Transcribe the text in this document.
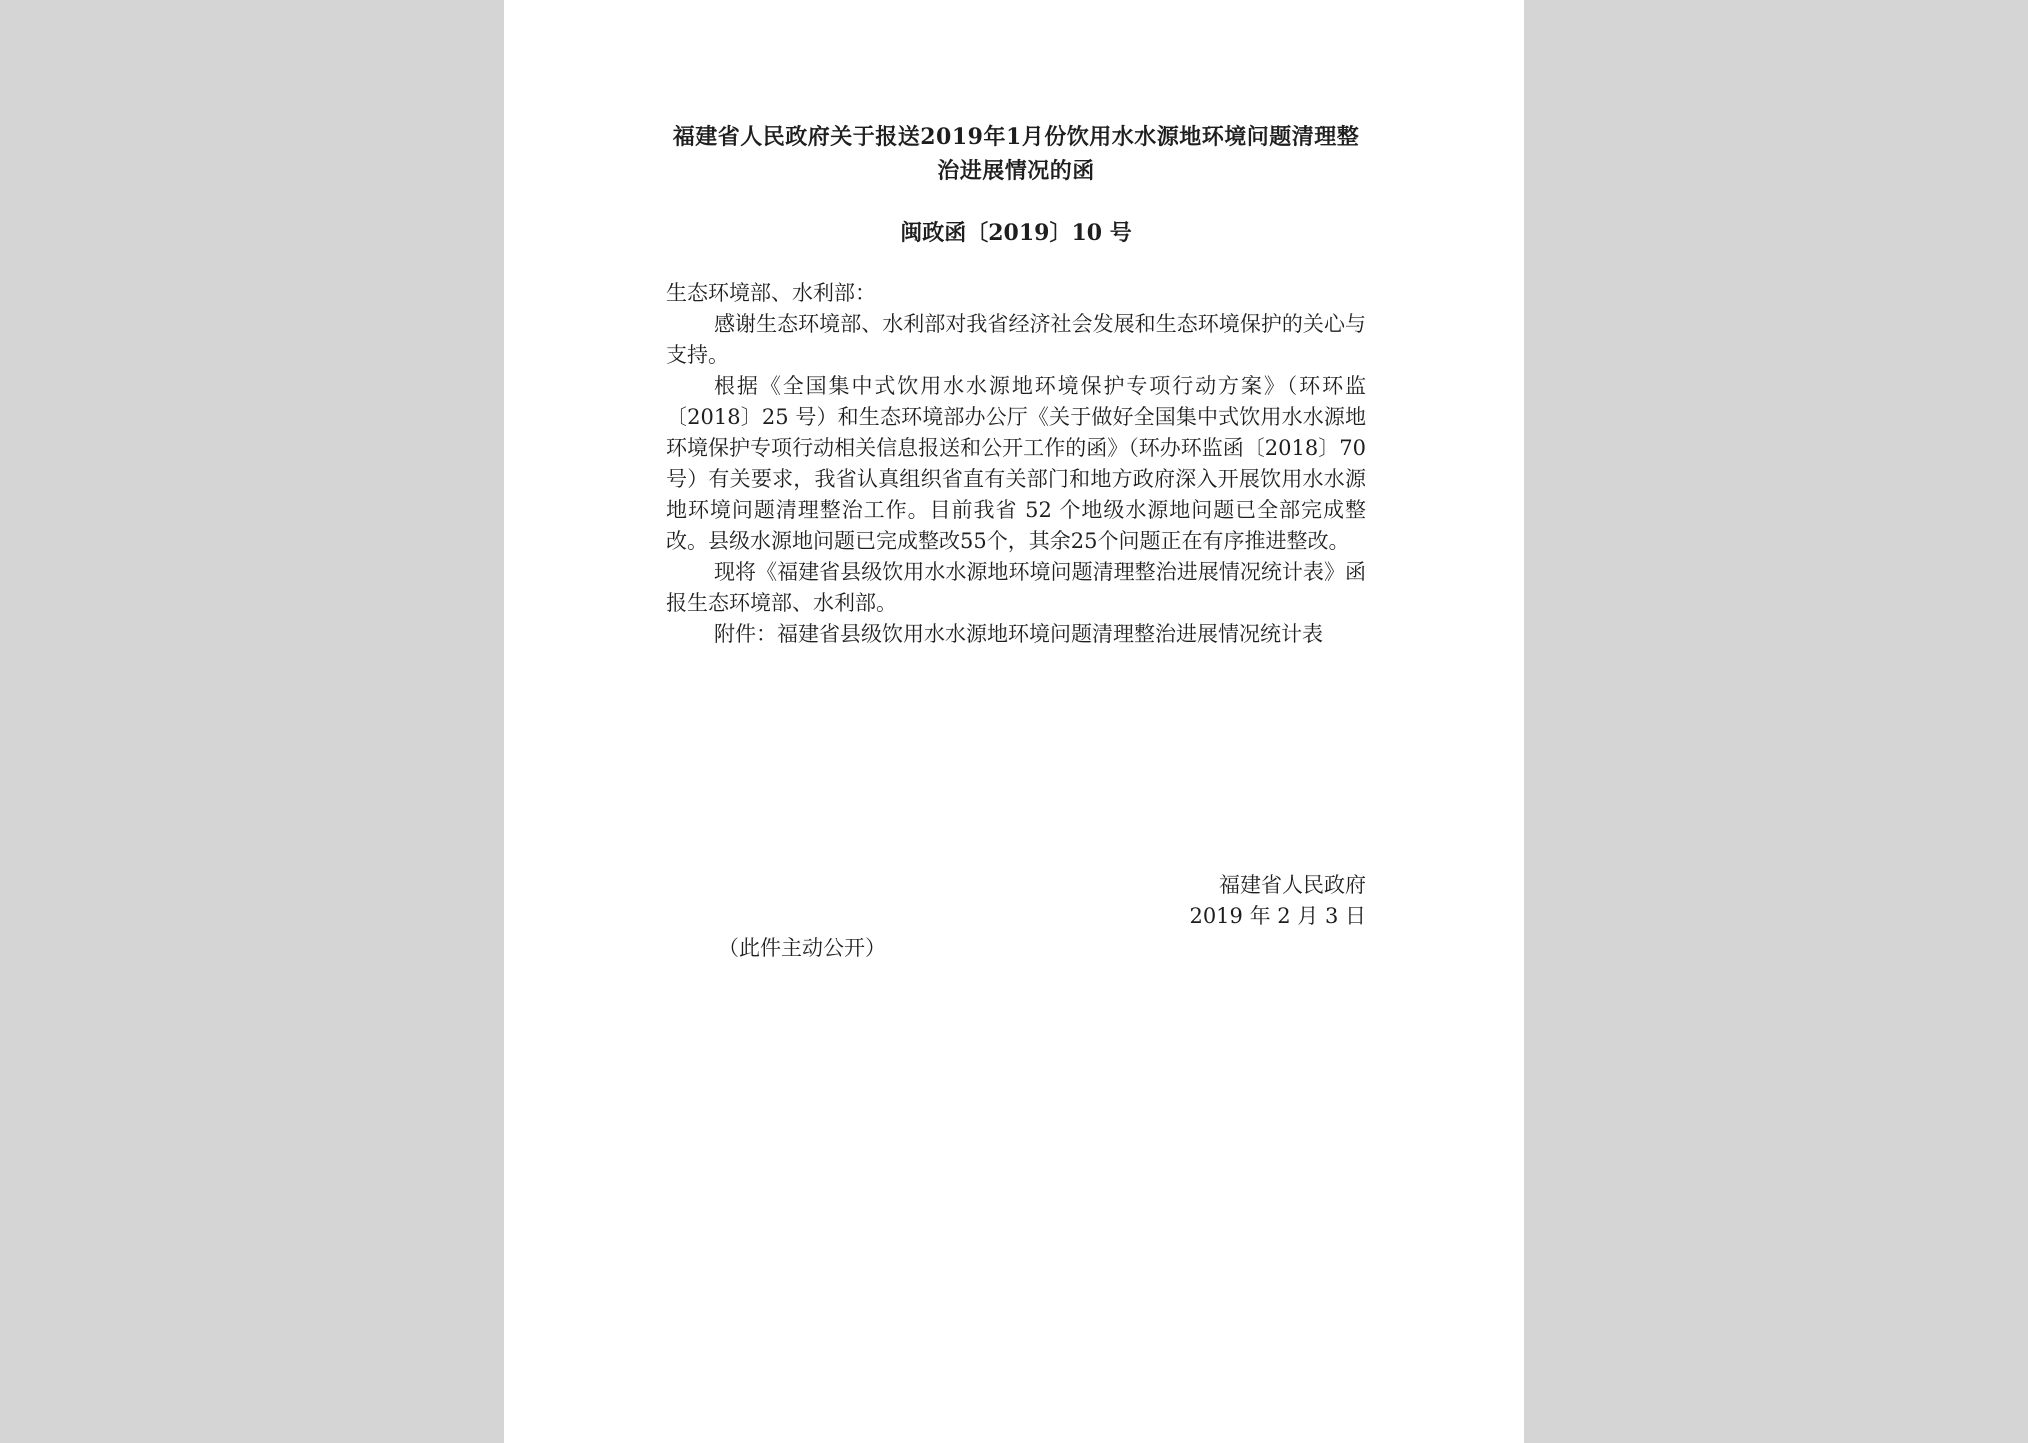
福建省人民政府关于报送2019年1月份饮用水水源地环境问题清理整治进展情况的函
闽政函〔2019〕10 号

生态环境部、水利部：

感谢生态环境部、水利部对我省经济社会发展和生态环境保护的关心与支持。

根据《全国集中式饮用水水源地环境保护专项行动方案》（环环监〔2018〕25 号）和生态环境部办公厅《关于做好全国集中式饮用水水源地环境保护专项行动相关信息报送和公开工作的函》（环办环监函〔2018〕70 号）有关要求，我省认真组织省直有关部门和地方政府深入开展饮用水水源地环境问题清理整治工作。目前我省 52 个地级水源地问题已全部完成整改。县级水源地问题已完成整改55个，其余25个问题正在有序推进整改。

现将《福建省县级饮用水水源地环境问题清理整治进展情况统计表》函报生态环境部、水利部。

附件：福建省县级饮用水水源地环境问题清理整治进展情况统计表

福建省人民政府
2019 年 2 月 3 日
（此件主动公开）
